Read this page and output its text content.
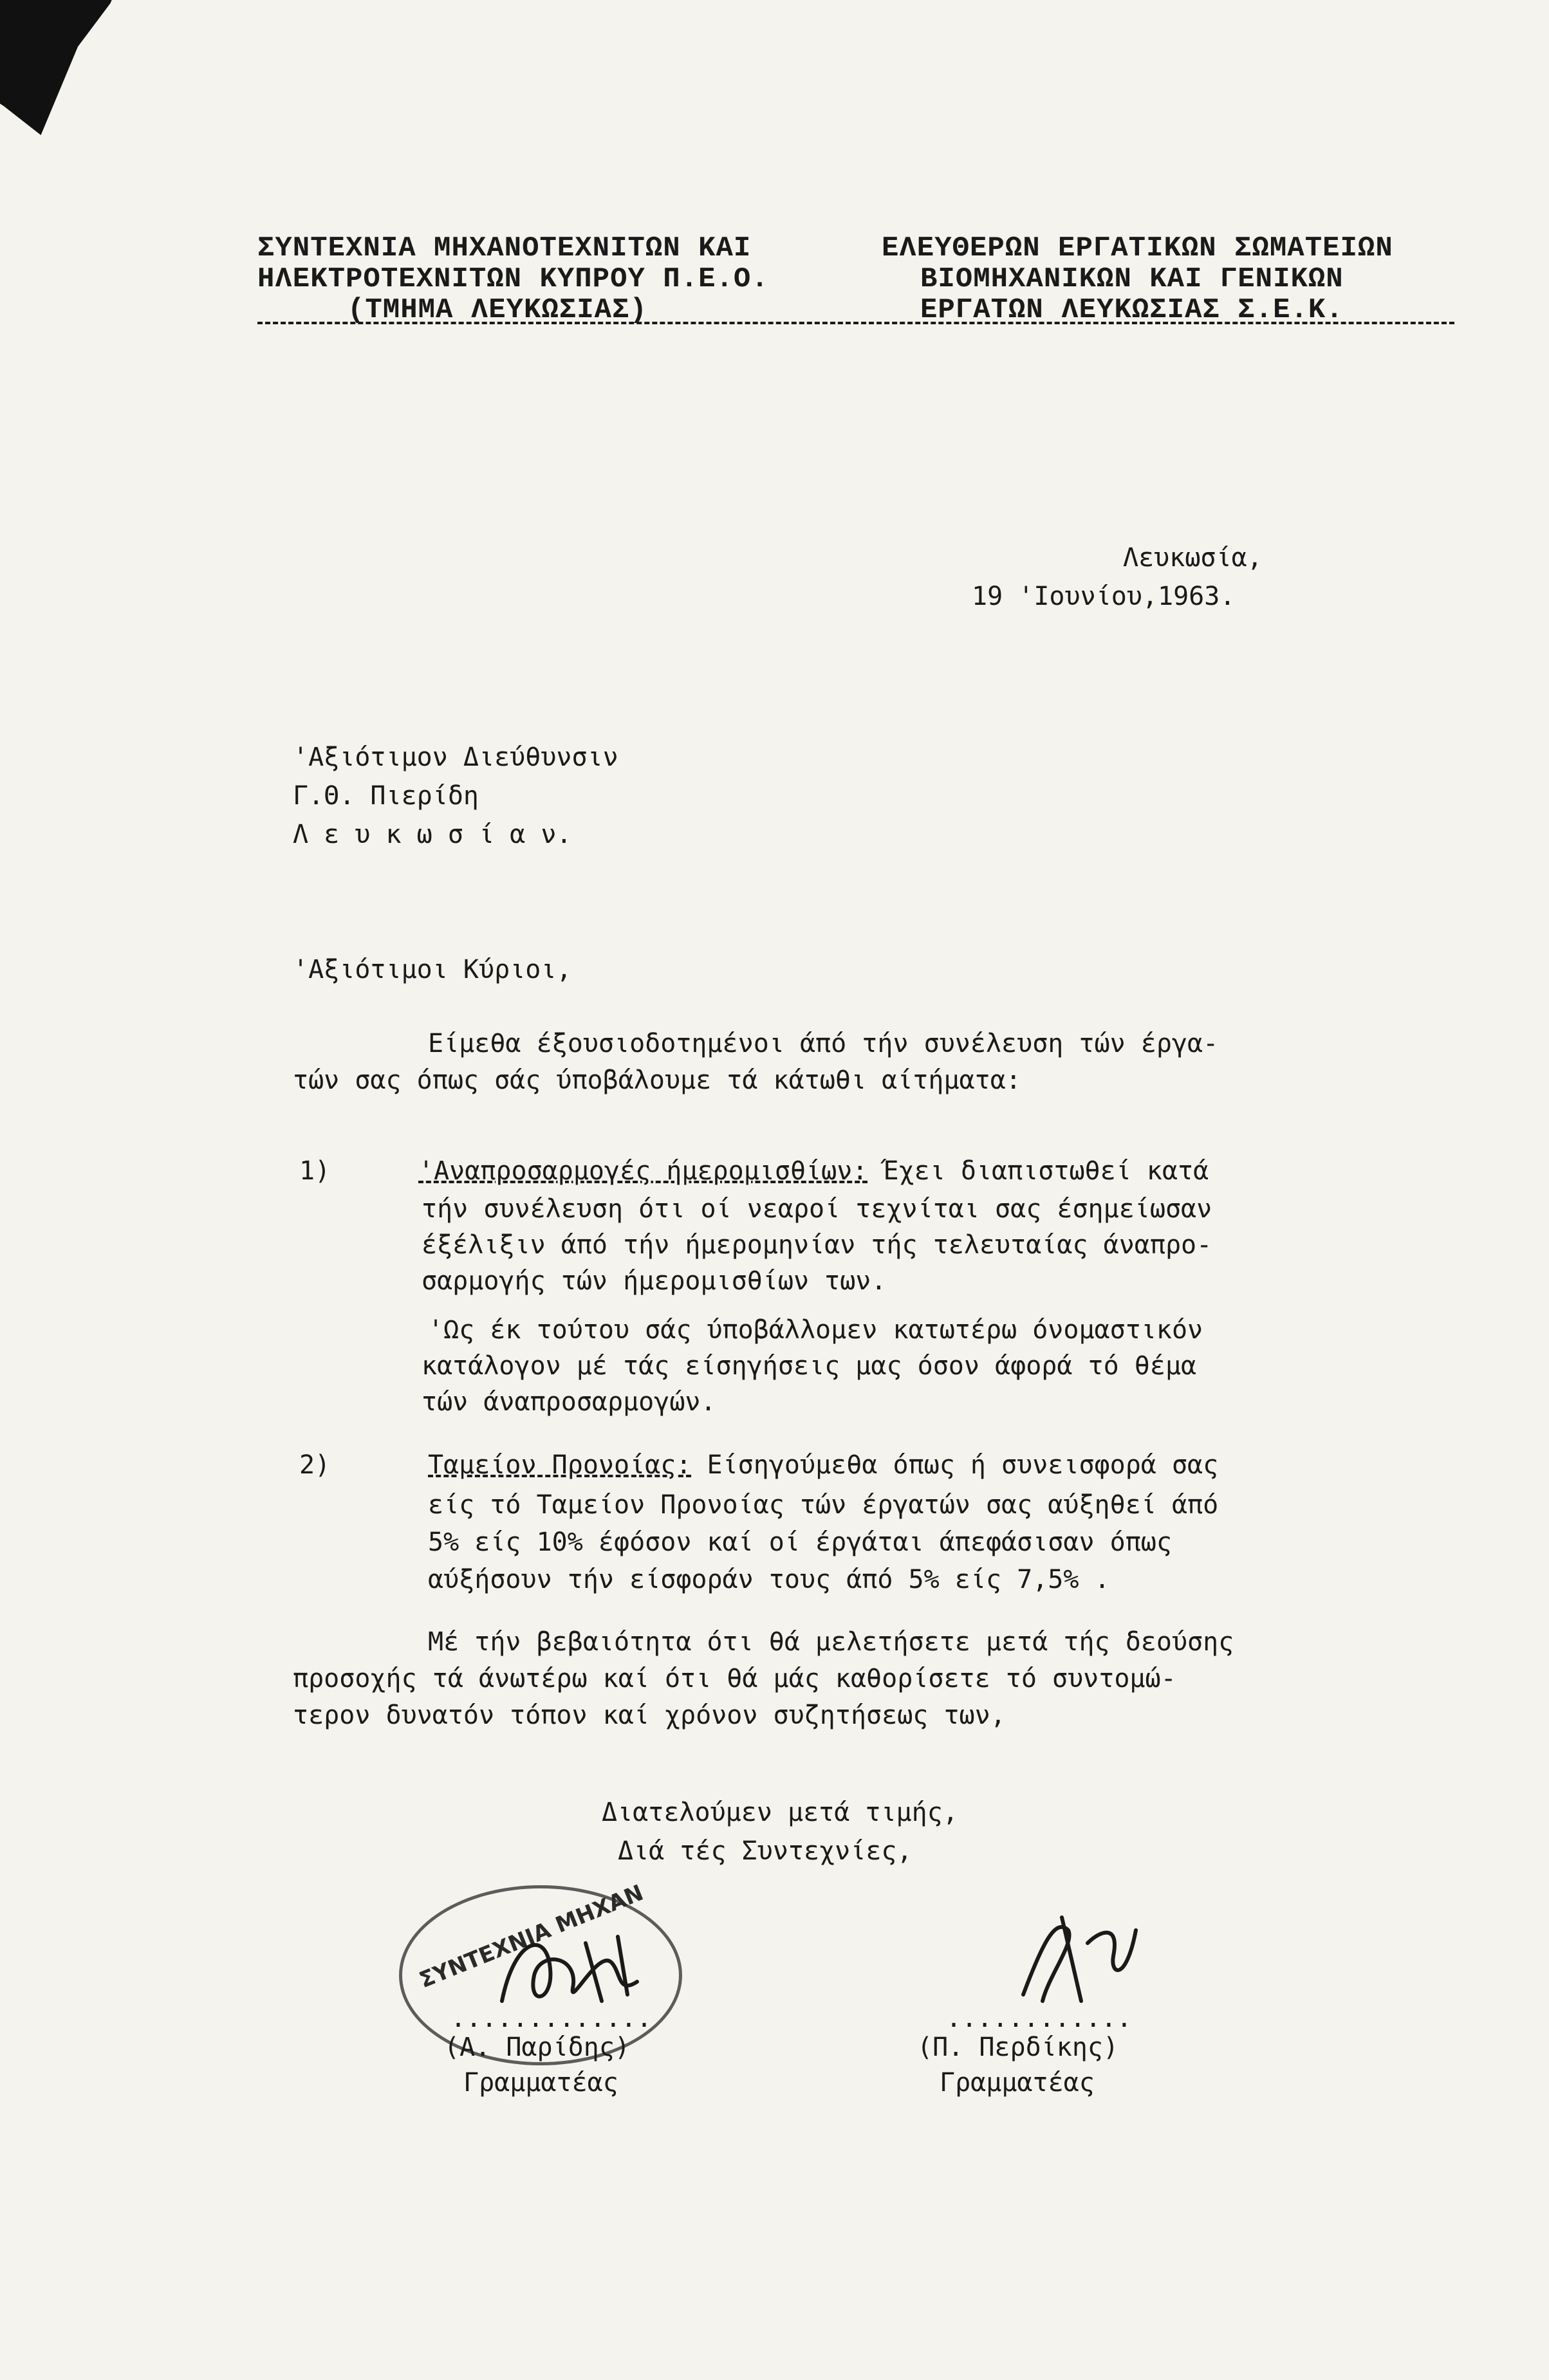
ΣΥΝΤΕΧΝΙΑ ΜΗΧΑΝΟΤΕΧΝΙΤΩΝ ΚΑΙ
ΗΛΕΚΤΡΟΤΕΧΝΙΤΩΝ ΚΥΠΡΟΥ Π.Ε.Ο.
(ΤΜΗΜΑ ΛΕΥΚΩΣΙΑΣ)
ΕΛΕΥΘΕΡΩΝ ΕΡΓΑΤΙΚΩΝ ΣΩΜΑΤΕΙΩΝ
ΒΙΟΜΗΧΑΝΙΚΩΝ ΚΑΙ ΓΕΝΙΚΩΝ
ΕΡΓΑΤΩΝ ΛΕΥΚΩΣΙΑΣ Σ.Ε.Κ.
Λευκωσία,
19 'Ιουνίου,1963.
'Αξιότιμον Διεύθυνσιν
Γ.Θ. Πιερίδη
Λ ε υ κ ω σ ί α ν.
'Αξιότιμοι Κύριοι,
Είμεθα έξουσιοδοτημένοι άπό τήν συνέλευση τών έργα-
τών σας όπως σάς ύποβάλουμε τά κάτωθι αίτήματα:
1)	'Αναπροσαρμογές ήμερομισθίων: Έχει διαπιστωθεί κατά
τήν συνέλευση ότι οί νεαροί τεχνίται σας έσημείωσαν
έξέλιξιν άπό τήν ήμερομηνίαν τής τελευταίας άναπρο-
σαρμογής τών ήμερομισθίων των.
'Ως έκ τούτου σάς ύποβάλλομεν κατωτέρω όνομαστικόν
κατάλογον μέ τάς είσηγήσεις μας όσον άφορά τό θέμα
τών άναπροσαρμογών.
2)	Ταμείον Προνοίας: Είσηγούμεθα όπως ή συνεισφορά σας
είς τό Ταμείον Προνοίας τών έργατών σας αύξηθεί άπό
5% είς 10% έφόσον καί οί έργάται άπεφάσισαν όπως
αύξήσουν τήν είσφοράν τους άπό 5% είς 7,5% .
Μέ τήν βεβαιότητα ότι θά μελετήσετε μετά τής δεούσης
προσοχής τά άνωτέρω καί ότι θά μάς καθορίσετε τό συντομώ-
τερον δυνατόν τόπον καί χρόνον συζητήσεως των,
Διατελούμεν μετά τιμής,
Διά τές Συντεχνίες,
ΣΥΝΤΕΧΝΙΑ ΜΗΧΑΝ
.............
(Α. Παρίδης)
Γραμματέας
............
(Π. Περδίκης)
Γραμματέας
